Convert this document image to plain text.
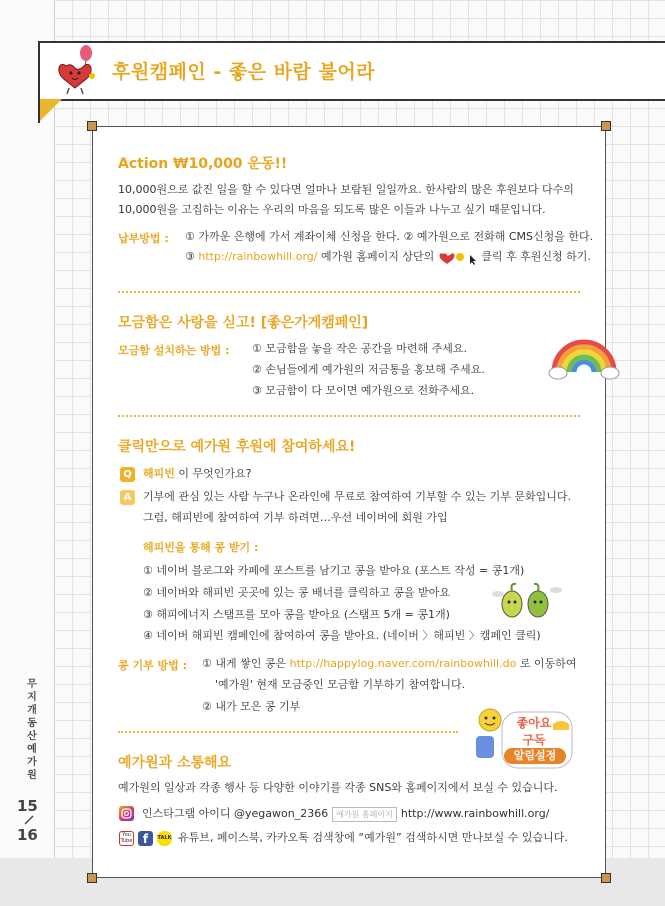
후원캠페인 - 좋은 바람 불어라
Action ₩10,000 운동!!
10,000원으로 값진 일을 할 수 있다면 얼마나 보람된 일일까요. 한사람의 많은 후원보다 다수의
10,000원을 고집하는 이유는 우리의 마음을 되도록 많은 이들과 나누고 싶기 때문입니다.
납부방법 : ① 가까운 은행에 가서 계좌이체 신청을 한다. ② 예가원으로 전화해 CMS신청을 한다.
③ http://rainbowhill.org/ 예가원 홈페이지 상단의	클릭 후 후원신청 하기.
모금함은 사랑을 싣고! [좋은가게캠페인]
모금함 설치하는 방법 : ① 모금함을 놓을 작은 공간을 마련해 주세요.
② 손님들에게 예가원의 저금통을 홍보해 주세요.
③ 모금함이 다 모이면 예가원으로 전화주세요.
클릭만으로 예가원 후원에 참여하세요!
Q 해피빈 이 무엇인가요?
A	기부에 관심 있는 사람 누구나 온라인에 무료로 참여하여 기부할 수 있는 기부 문화입니다.
그럼, 해피빈에 참여하여 기부 하려면…우선 네이버에 회원 가입
해피빈을 통해 콩 받기 :
① 네이버 블로그와 카페에 포스트를 남기고 콩을 받아요 (포스트 작성 = 콩1개)
② 네이버와 해피빈 곳곳에 있는 콩 배너를 클릭하고 콩을 받아요
③ 해피에너지 스탬프를 모아 콩을 받아요 (스탬프 5개 = 콩1개)
④ 네이버 해피빈 캠페인에 참여하여 콩을 받아요. (네이버 〉해피빈 〉캠페인 클릭)
콩 기부 방법 : ① 내게 쌓인 콩은 http://happylog.naver.com/rainbowhill.do 로 이동하여
'예가원' 현재 모금중인 모금함 기부하기 참여합니다.
② 내가 모은 콩 기부
좋아요
구독
알림설정
예가원과 소통해요
예가원의 일상과 각종 행사 등 다양한 이야기를 각종 SNS와 홈페이지에서 보실 수 있습니다.
인스타그램 아이디 @yegawon_2366 예가원 홈페이지 http://www.rainbowhill.org/
You Tube f	TALK 유튜브, 페이스북, 카카오톡 검색창에 “예가원” 검색하시면 만나보실 수 있습니다.
무지개동산 예가원
15
16
